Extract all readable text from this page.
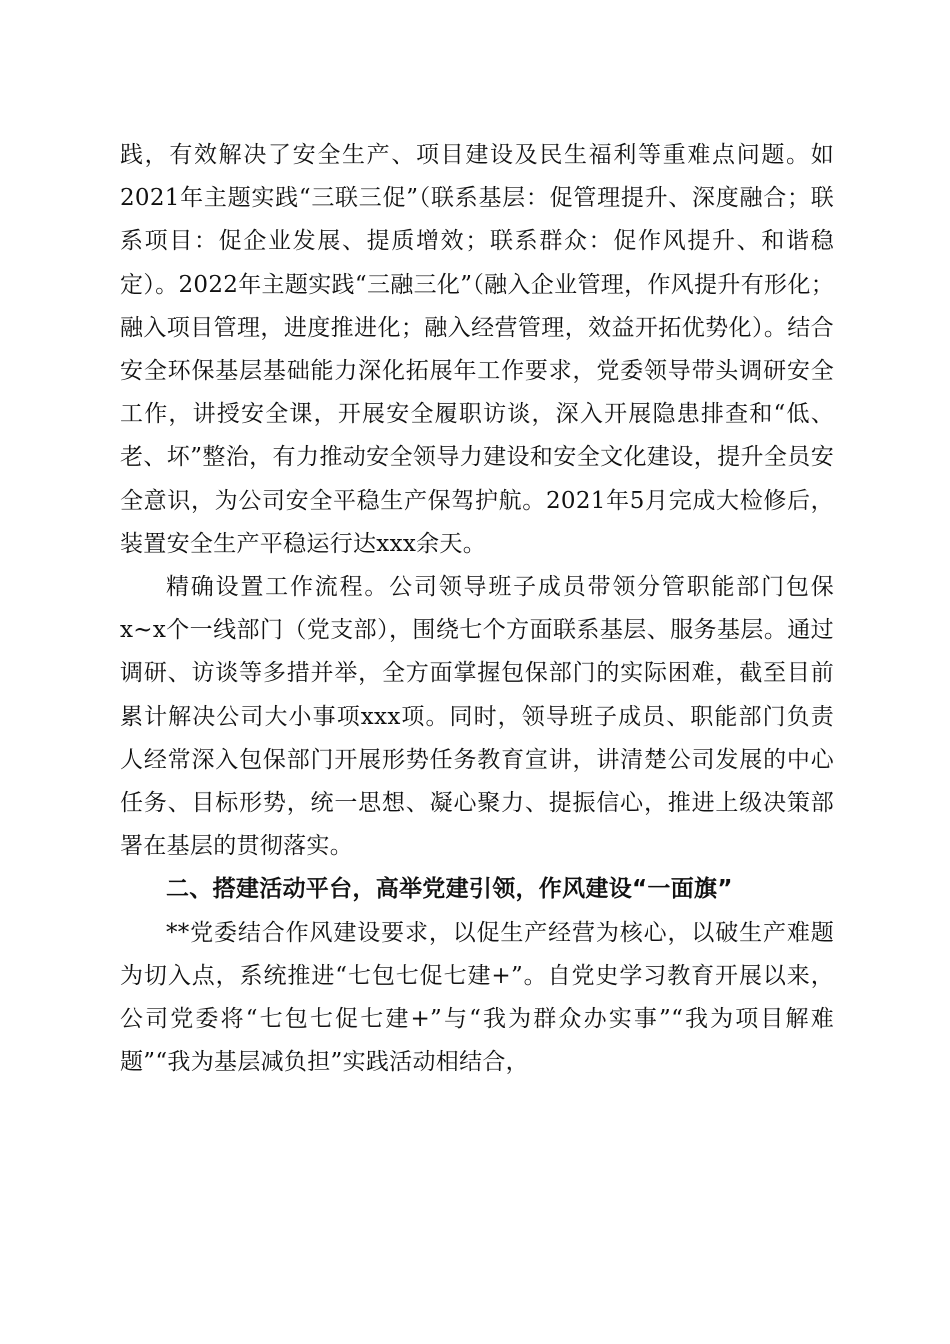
践，有效解决了安全生产、项目建设及民生福利等重难点问题。如2021年主题实践“三联三促”（联系基层：促管理提升、深度融合；联系项目：促企业发展、提质增效；联系群众：促作风提升、和谐稳定）。2022年主题实践“三融三化”（融入企业管理，作风提升有形化；融入项目管理，进度推进化；融入经营管理，效益开拓优势化）。结合安全环保基层基础能力深化拓展年工作要求，党委领导带头调研安全工作，讲授安全课，开展安全履职访谈，深入开展隐患排查和“低、老、坏”整治，有力推动安全领导力建设和安全文化建设，提升全员安全意识，为公司安全平稳生产保驾护航。2021年5月完成大检修后，装置安全生产平稳运行达xxx余天。

精确设置工作流程。公司领导班子成员带领分管职能部门包保x~x个一线部门（党支部），围绕七个方面联系基层、服务基层。通过调研、访谈等多措并举，全方面掌握包保部门的实际困难，截至目前累计解决公司大小事项xxx项。同时，领导班子成员、职能部门负责人经常深入包保部门开展形势任务教育宣讲，讲清楚公司发展的中心任务、目标形势，统一思想、凝心聚力、提振信心，推进上级决策部署在基层的贯彻落实。

二、搭建活动平台，高举党建引领，作风建设“一面旗”

**党委结合作风建设要求，以促生产经营为核心，以破生产难题为切入点，系统推进“七包七促七建+”。自党史学习教育开展以来，公司党委将“七包七促七建+”与“我为群众办实事”“我为项目解难题”“我为基层减负担”实践活动相结合，
